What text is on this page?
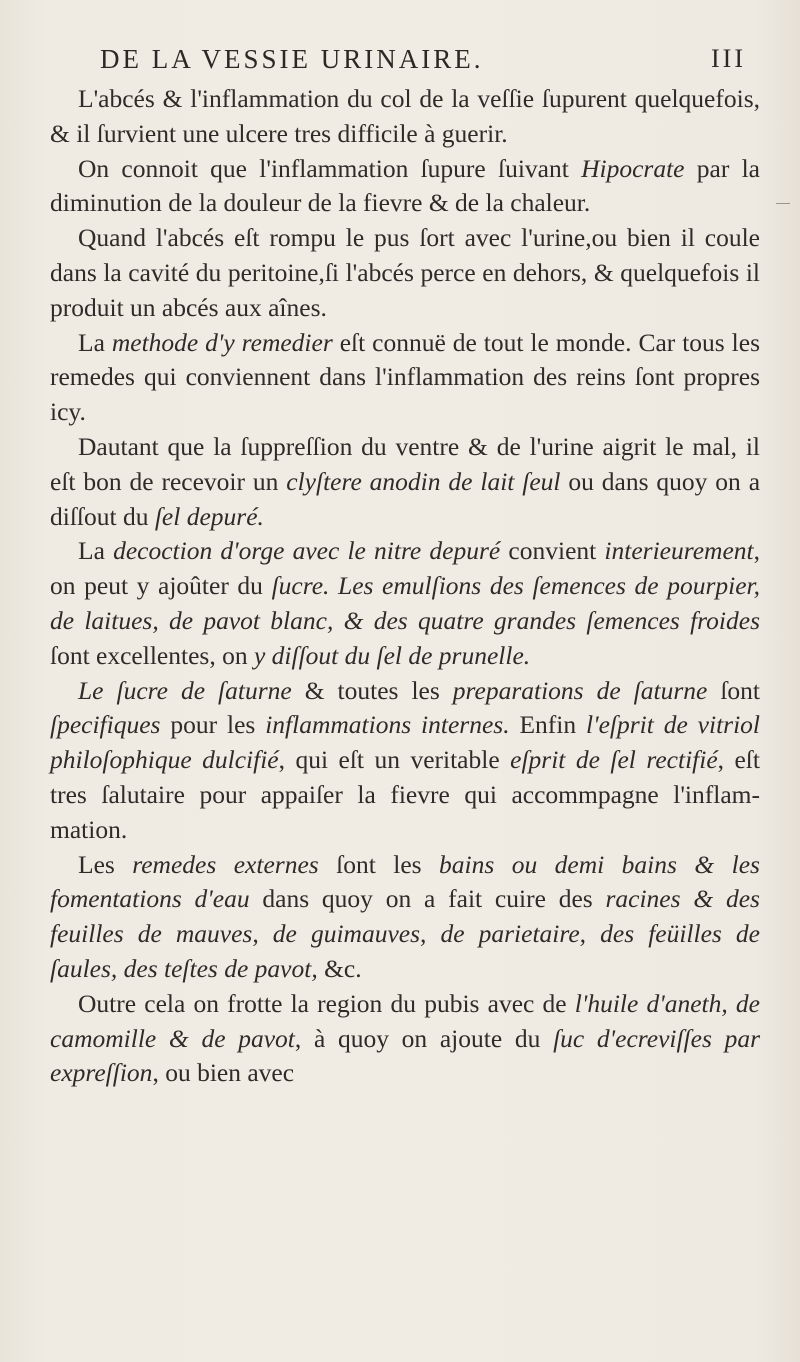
DE LA VESSIE URINAIRE.	III

L'abcés & l'inflammation du col de la veſſie ſupurent quelquefois, & il ſurvient une ulcere tres difficile à guerir.

On connoit que l'inflammation ſupure ſuivant Hipocrate par la diminution de la douleur de la fievre & de la chaleur.

Quand l'abcés eſt rompu le pus ſort avec l'urine,ou bien il coule dans la cavité du peritoine,ſi l'abcés perce en dehors, & quelquefois il produit un abcés aux aînes.

La methode d'y remedier eſt connuë de tout le monde. Car tous les remedes qui conviennent dans l'inflammation des reins ſont propres icy.

Dautant que la ſuppreſſion du ventre & de l'urine aigrit le mal, il eſt bon de recevoir un clyſtere anodin de lait ſeul ou dans quoy on a diſſout du ſel depuré.

La decoction d'orge avec le nitre depuré convient interieurement, on peut y ajoûter du ſucre. Les emulſions des ſemences de pourpier, de laitues, de pavot blanc, & des quatre grandes ſemences froides ſont excellentes, on y diſſout du ſel de prunelle.

Le ſucre de ſaturne & toutes les preparations de ſaturne ſont ſpecifiques pour les inflammations internes. Enfin l'eſprit de vitriol philoſophique dulcifié, qui eſt un veritable eſprit de ſel rectifié, eſt tres ſalutaire pour appaiſer la fievre qui accommpagne l'inflammation.

Les remedes externes ſont les bains ou demi bains & les fomentations d'eau dans quoy on a fait cuire des racines & des feuilles de mauves, de guimauves, de parietaire, des feüilles de ſaules, des teſtes de pavot, &c.

Outre cela on frotte la region du pubis avec de l'huile d'aneth, de camomille & de pavot, à quoy on ajoute du ſuc d'ecreviſſes par expreſſion, ou bien avec
